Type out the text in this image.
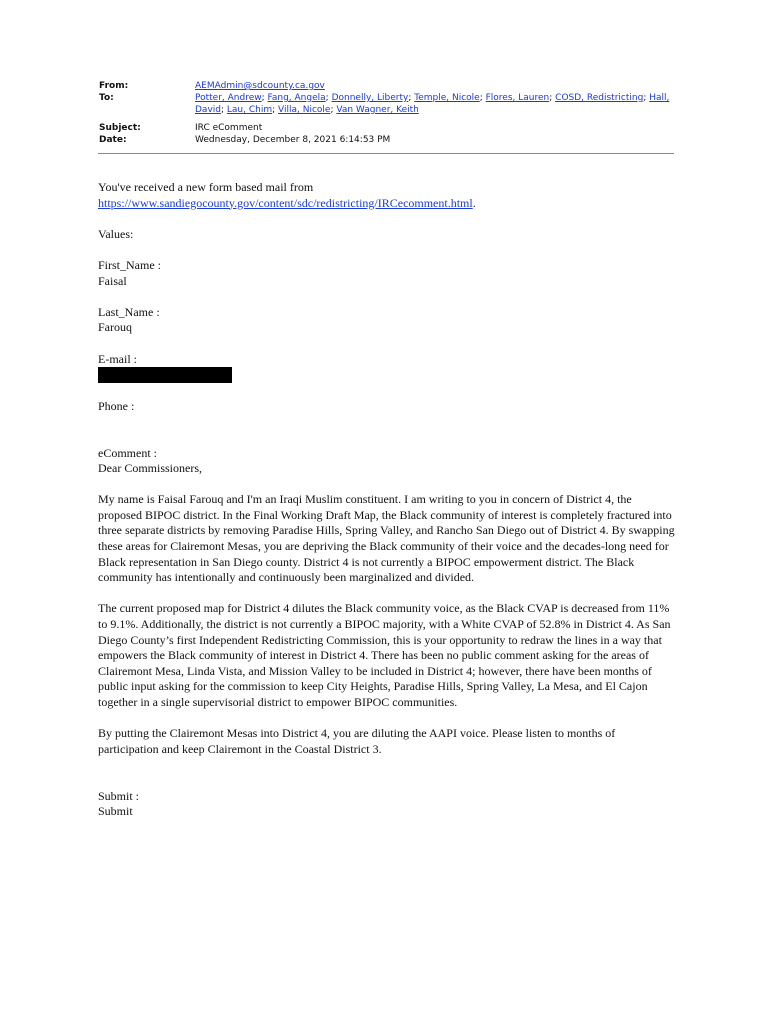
From:	AEMAdmin@sdcounty.ca.gov
To:	Potter, Andrew; Fang, Angela; Donnelly, Liberty; Temple, Nicole; Flores, Lauren; COSD, Redistricting; Hall, David; Lau, Chim; Villa, Nicole; Van Wagner, Keith
Subject:	IRC eComment
Date:	Wednesday, December 8, 2021 6:14:53 PM

You've received a new form based mail from

https://www.sandiegocounty.gov/content/sdc/redistricting/IRCecomment.html.

Values:

First_Name :

Faisal

Last_Name :

Farouq

E-mail :

Phone :

eComment :

Dear Commissioners,

My name is Faisal Farouq and I'm an Iraqi Muslim constituent. I am writing to you in concern of District 4, the proposed BIPOC district. In the Final Working Draft Map, the Black community of interest is completely fractured into three separate districts by removing Paradise Hills, Spring Valley, and Rancho San Diego out of District 4. By swapping these areas for Clairemont Mesas, you are depriving the Black community of their voice and the decades-long need for Black representation in San Diego county. District 4 is not currently a BIPOC empowerment district. The Black community has intentionally and continuously been marginalized and divided.

The current proposed map for District 4 dilutes the Black community voice, as the Black CVAP is decreased from 11% to 9.1%. Additionally, the district is not currently a BIPOC majority, with a White CVAP of 52.8% in District 4. As San Diego County’s first Independent Redistricting Commission, this is your opportunity to redraw the lines in a way that empowers the Black community of interest in District 4. There has been no public comment asking for the areas of Clairemont Mesa, Linda Vista, and Mission Valley to be included in District 4; however, there have been months of public input asking for the commission to keep City Heights, Paradise Hills, Spring Valley, La Mesa, and El Cajon together in a single supervisorial district to empower BIPOC communities.

By putting the Clairemont Mesas into District 4, you are diluting the AAPI voice. Please listen to months of participation and keep Clairemont in the Coastal District 3.

Submit :

Submit
